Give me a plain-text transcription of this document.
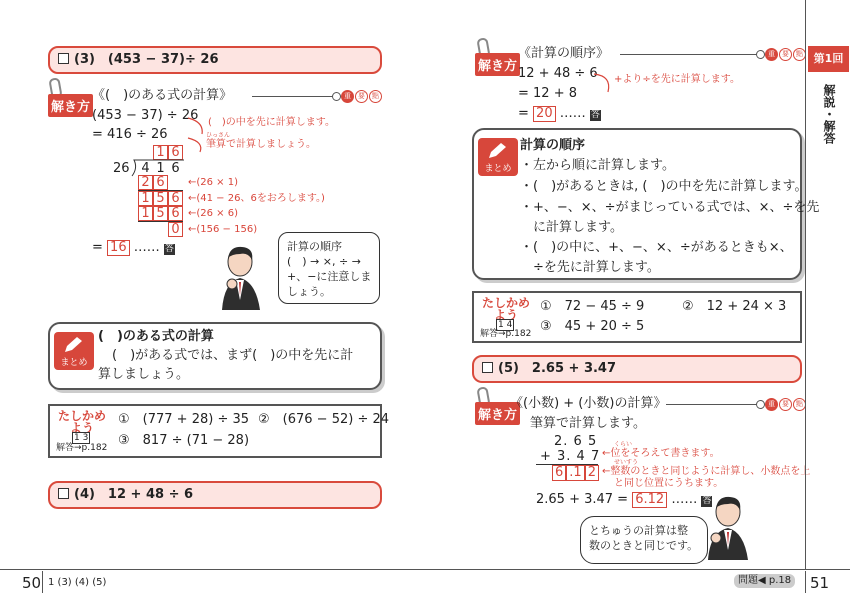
(3)　(453 − 37)÷ 26
解き方
《(　)のある式の計算》	重	要	點
(453 − 37) ÷ 26
= 416 ÷ 26
(　)の中を先に計算します。
ひっさん
筆算で計算しましょう。
1 6
26 4 1 6
2 6
1 5 6
1 5 6
0
←(26 × 1)
←(41 − 26、6をおろします。)
←(26 × 6)
←(156 − 156)
= 16 …… 答	計算の順序
(　) → ×, ÷ →
+、−に注意しま
しょう。
まとめ
(　)のある式の計算
(　)がある式では、まず(　)の中を先に計
算しましょう。
たしかめよう
1 3
解答→p.182
①　(777 + 28) ÷ 35 ②　(676 − 52) ÷ 24
③　817 ÷ (71 − 28)
(4)　12 + 48 ÷ 6
50 1 (3) (4) (5)
解き方
《計算の順序》	重	要	點
12 + 48 ÷ 6
= 12 + 8
= 20 …… 答
+より÷を先に計算します。
まとめ
計算の順序
・左から順に計算します。
・(　)があるときは, (　)の中を先に計算します。
・+、−、×、÷がまじっている式では、×、÷を先
　に計算します。
・(　)の中に、+、−、×、÷があるときも×、
　÷を先に計算します。
たしかめよう
1 4
解答→p.182
①　72 − 45 ÷ 9	②　12 + 24 × 3
③　45 + 20 ÷ 5
(5)　2.65 + 3.47
解き方
《(小数) + (小数)の計算》	重	要	點
筆算で計算します。
2. 6 5
+ 3. 4 7
6 .1 2
くらい
←位をそろえて書きます。
せいすう
←整数のときと同じように計算し、小数点を上
と同じ位置にうちます。
2.65 + 3.47 = 6.12 …… 答
とちゅうの計算は整
数のときと同じです。
問題◀ p.18 51
第1回
解説・解答
